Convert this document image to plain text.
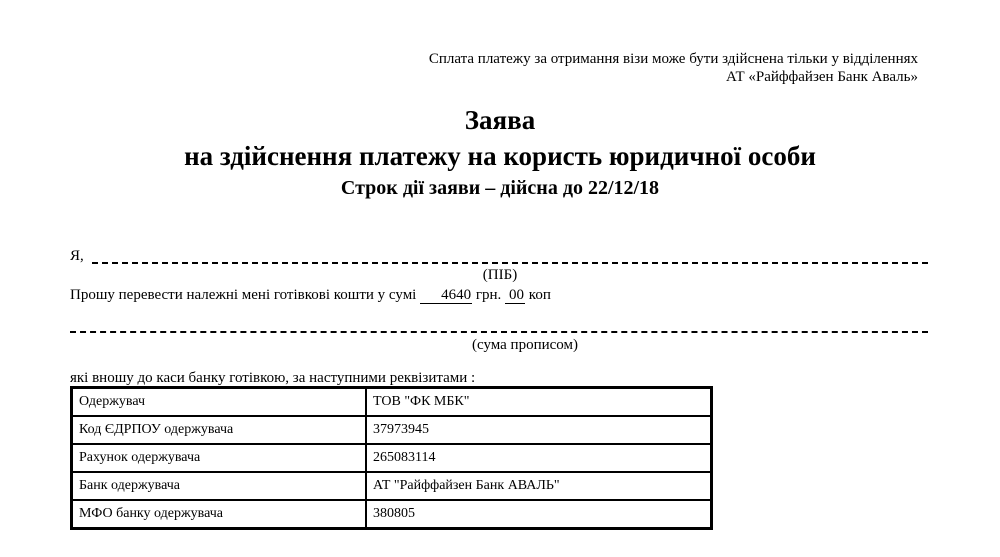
Сплата платежу за отримання візи може бути здійснена тільки у відділеннях
АТ «Райффайзен Банк Аваль»
Заява
на здійснення платежу на користь юридичної особи
Строк дії заяви – дійсна до 22/12/18
Я,
(ПІБ)
Прошу перевести належні мені готівкові кошти у сумі 4640 грн. 00 коп
(сума прописом)
які вношу до каси банку готівкою, за наступними реквізитами :
Одержувач	ТОВ "ФК МБК"
Код ЄДРПОУ одержувача	37973945
Рахунок одержувача	265083114
Банк одержувача	АТ "Райффайзен Банк АВАЛЬ"
МФО банку одержувача	380805
